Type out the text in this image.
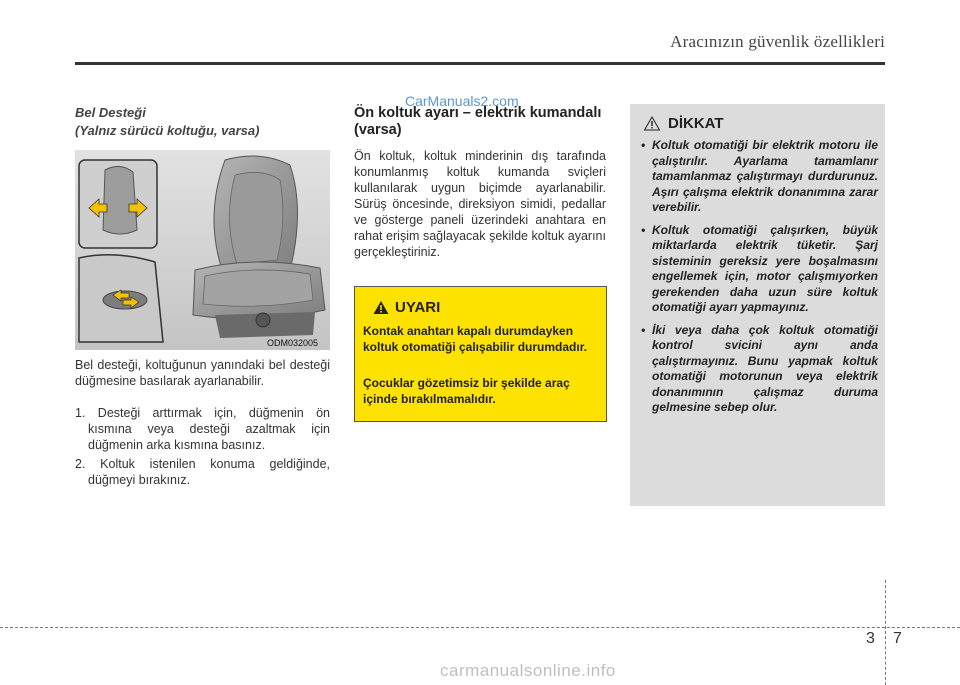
Aracınızın güvenlik özellikleri
CarManuals2.com
Bel Desteği
(Yalnız sürücü koltuğu, varsa)
ODM032005
Bel desteği, koltuğunun yanındaki bel desteği düğmesine basılarak ayarlanabilir.
1. Desteği arttırmak için, düğmenin ön kısmına veya desteği azaltmak için düğmenin arka kısmına basınız.
2. Koltuk istenilen konuma geldiğinde, düğmeyi bırakınız.
Ön koltuk ayarı – elektrik kumandalı (varsa)
Ön koltuk, koltuk minderinin dış tarafında konumlanmış koltuk kumanda sviçleri kullanılarak uygun biçimde ayarlanabilir. Sürüş öncesinde, direksiyon simidi, pedallar ve gösterge paneli üzerindeki anahtara en rahat erişim sağlayacak şekilde koltuk ayarını gerçekleştiriniz.
UYARI
Kontak anahtarı kapalı durumdayken koltuk otomatiği çalışabilir durumdadır.
Çocuklar gözetimsiz bir şekilde araç içinde bırakılmamalıdır.
DİKKAT
• Koltuk otomatiği bir elektrik motoru ile çalıştırılır. Ayarlama tamamlanır tamamlanmaz çalıştırmayı durdurunuz. Aşırı çalışma elektrik donanımına zarar verebilir.
• Koltuk otomatiği çalışırken, büyük miktarlarda elektrik tüketir. Şarj sisteminin gereksiz yere boşalmasını engellemek için, motor çalışmıyorken gerekenden daha uzun süre koltuk otomatiği ayarı yapmayınız.
• İki veya daha çok koltuk otomatiği kontrol svicini aynı anda çalıştırmayınız. Bunu yapmak koltuk otomatiği motorunun veya elektrik donanımının çalışmaz duruma gelmesine sebep olur.
3 7
carmanualsonline.info
